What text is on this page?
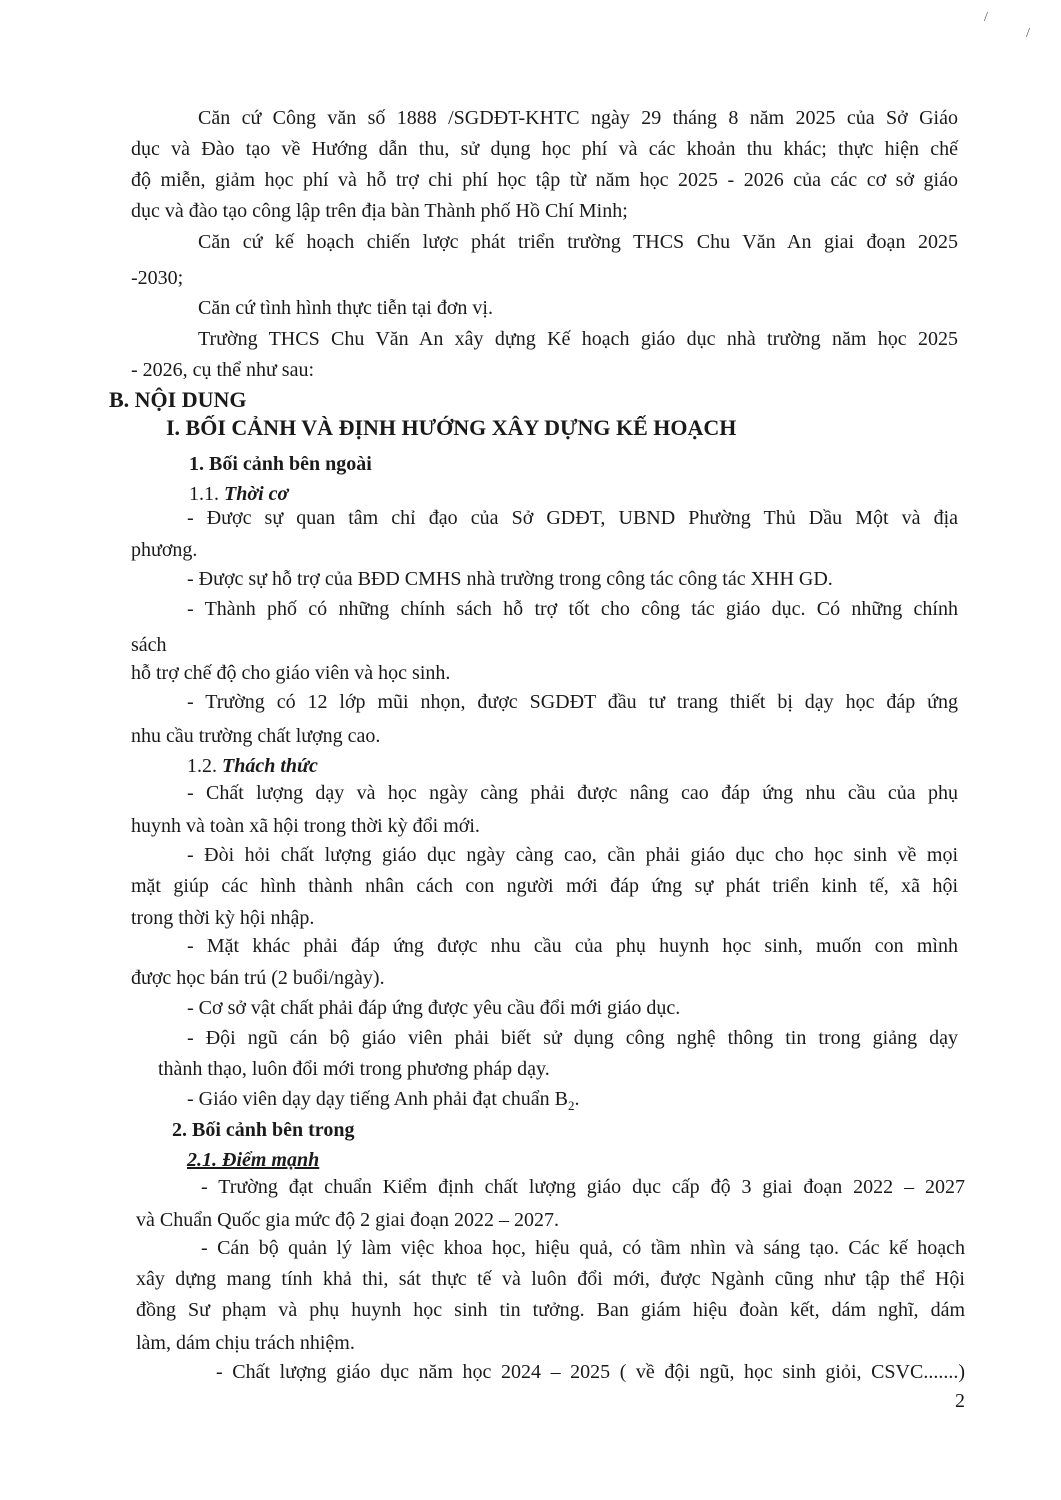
/
/
Căn cứ Công văn số 1888 /SGDĐT-KHTC ngày 29 tháng 8 năm 2025 của Sở Giáo
dục và Đào tạo về Hướng dẫn thu, sử dụng học phí và các khoản thu khác; thực hiện chế
độ miễn, giảm học phí và hỗ trợ chi phí học tập từ năm học 2025 - 2026 của các cơ sở giáo
dục và đào tạo công lập trên địa bàn Thành phố Hồ Chí Minh;
Căn cứ kế hoạch chiến lược phát triển trường THCS Chu Văn An giai đoạn 2025
-2030;
Căn cứ tình hình thực tiễn tại đơn vị.
Trường THCS Chu Văn An xây dựng Kế hoạch giáo dục nhà trường năm học 2025
- 2026, cụ thể như sau:
B. NỘI DUNG
I. BỐI CẢNH VÀ ĐỊNH HƯỚNG XÂY DỰNG KẾ HOẠCH
1. Bối cảnh bên ngoài
1.1. Thời cơ
- Được sự quan tâm chỉ đạo của Sở GDĐT, UBND Phường Thủ Dầu Một và địa
phương.
- Được sự hỗ trợ của BĐD CMHS nhà trường trong công tác công tác XHH GD.
- Thành phố có những chính sách hỗ trợ tốt cho công tác giáo dục. Có những chính
sách
hỗ trợ chế độ cho giáo viên và học sinh.
- Trường có 12 lớp mũi nhọn, được SGDĐT đầu tư trang thiết bị dạy học đáp ứng
nhu cầu trường chất lượng cao.
1.2. Thách thức
- Chất lượng dạy và học ngày càng phải được nâng cao đáp ứng nhu cầu của phụ
huynh và toàn xã hội trong thời kỳ đổi mới.
- Đòi hỏi chất lượng giáo dục ngày càng cao, cần phải giáo dục cho học sinh về mọi
mặt giúp các hình thành nhân cách con người mới đáp ứng sự phát triển kinh tế, xã hội
trong thời kỳ hội nhập.
- Mặt khác phải đáp ứng được nhu cầu của phụ huynh học sinh, muốn con mình
được học bán trú (2 buổi/ngày).
- Cơ sở vật chất phải đáp ứng được yêu cầu đổi mới giáo dục.
- Đội ngũ cán bộ giáo viên phải biết sử dụng công nghệ thông tin trong giảng dạy
thành thạo, luôn đổi mới trong phương pháp dạy.
- Giáo viên dạy dạy tiếng Anh phải đạt chuẩn $B_2$.
2. Bối cảnh bên trong
2.1. Điểm mạnh
- Trường đạt chuẩn Kiểm định chất lượng giáo dục cấp độ 3 giai đoạn 2022 – 2027
và Chuẩn Quốc gia mức độ 2 giai đoạn 2022 – 2027.
- Cán bộ quản lý làm việc khoa học, hiệu quả, có tầm nhìn và sáng tạo. Các kế hoạch
xây dựng mang tính khả thi, sát thực tế và luôn đổi mới, được Ngành cũng như tập thể Hội
đồng Sư phạm và phụ huynh học sinh tin tưởng. Ban giám hiệu đoàn kết, dám nghĩ, dám
làm, dám chịu trách nhiệm.
- Chất lượng giáo dục năm học 2024 – 2025 ( về đội ngũ, học sinh giỏi, CSVC.......)
2
